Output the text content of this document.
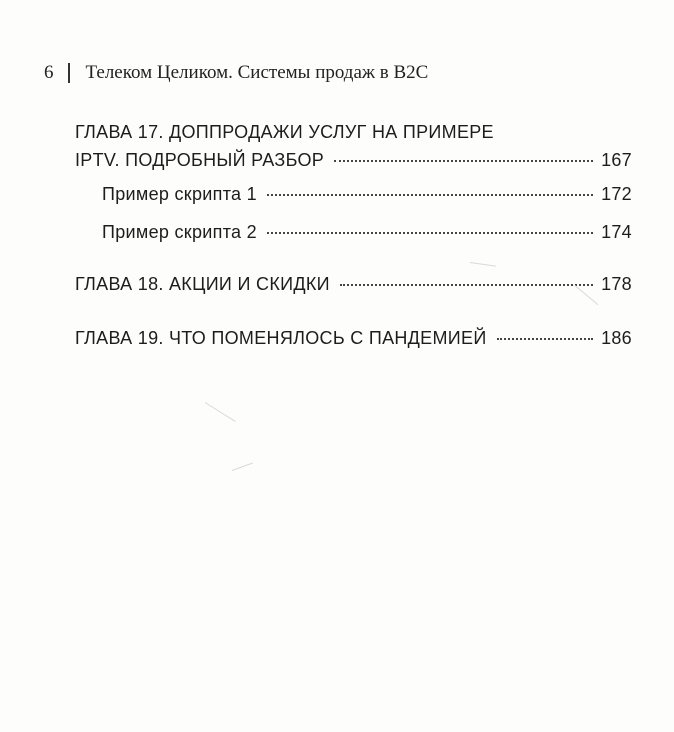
6 Телеком Целиком. Системы продаж в B2C
ГЛАВА 17. ДОППРОДАЖИ УСЛУГ НА ПРИМЕРЕ
IPTV. ПОДРОБНЫЙ РАЗБОР	167
Пример скрипта 1	172
Пример скрипта 2	174
ГЛАВА 18. АКЦИИ И СКИДКИ	178
ГЛАВА 19. ЧТО ПОМЕНЯЛОСЬ С ПАНДЕМИЕЙ	186
